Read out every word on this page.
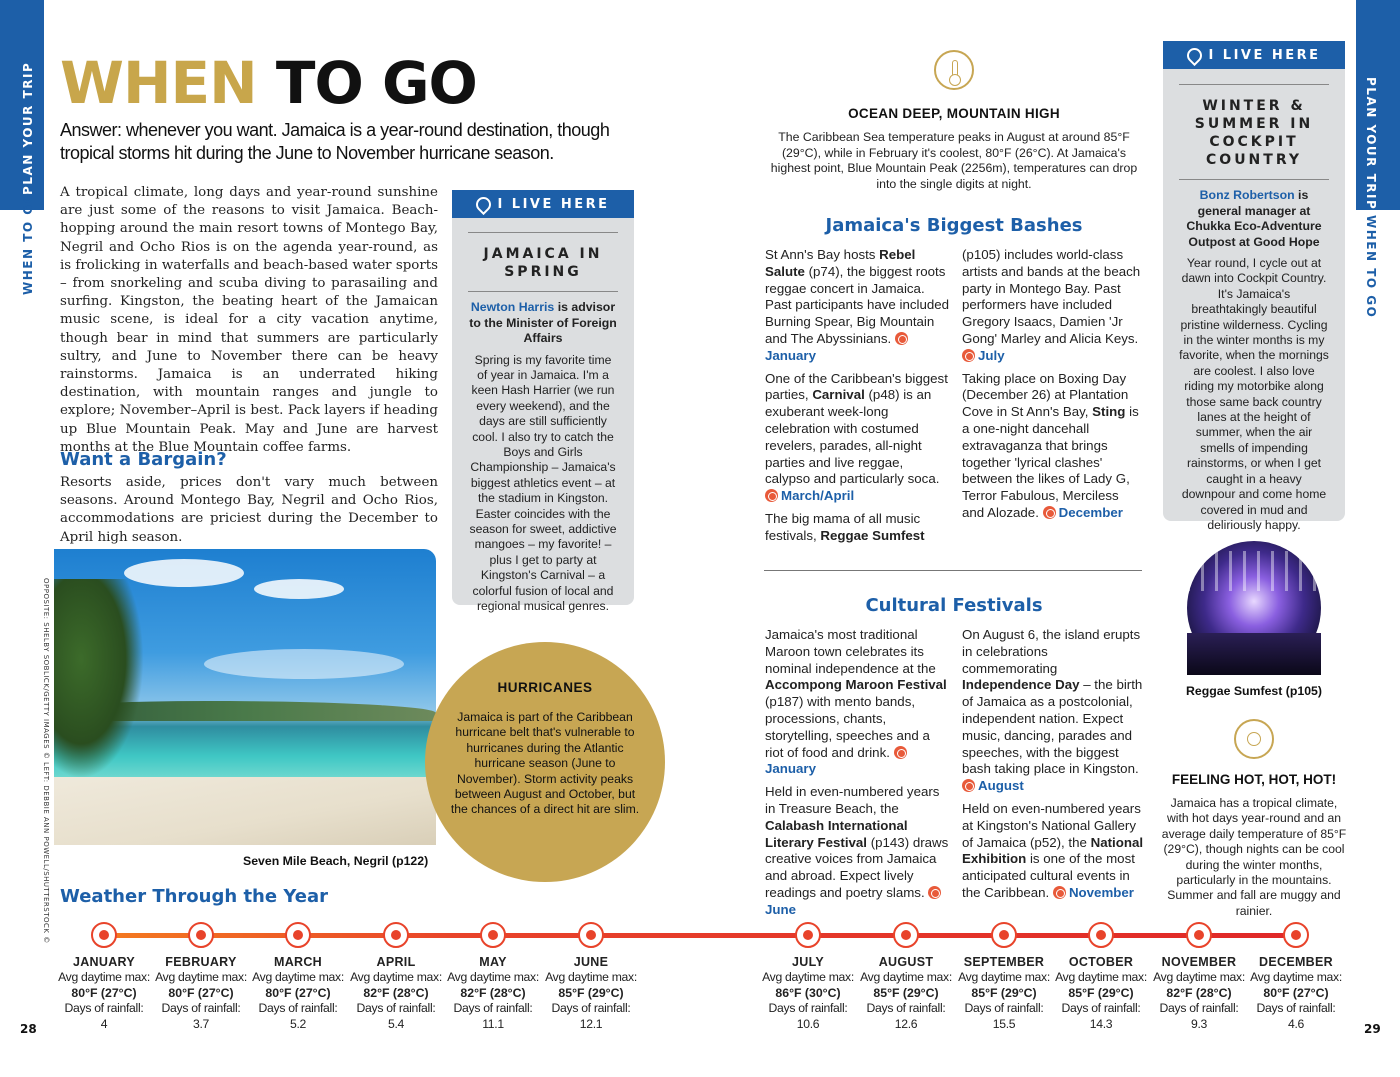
PLAN YOUR TRIP
WHEN TO GO
PLAN YOUR TRIP
WHEN TO GO
WHEN TO GO
Answer: whenever you want. Jamaica is a year-round destination, though tropical storms hit during the June to November hurricane season.
A tropical climate, long days and year-round sunshine are just some of the reasons to visit Jamaica. Beach-hopping around the main resort towns of Montego Bay, Negril and Ocho Rios is on the agenda year-round, as is frolicking in waterfalls and beach-based water sports – from snorkeling and scuba diving to parasailing and surfing. Kingston, the beating heart of the Jamaican music scene, is ideal for a city vacation anytime, though bear in mind that summers are particularly sultry, and June to November there can be heavy rainstorms. Jamaica is an underrated hiking destination, with mountain ranges and jungle to explore; November–April is best. Pack layers if heading up Blue Mountain Peak. May and June are harvest months at the Blue Mountain coffee farms.
Want a Bargain?
Resorts aside, prices don't vary much between seasons. Around Montego Bay, Negril and Ocho Rios, accommodations are priciest during the December to April high season.
I LIVE HERE
JAMAICA IN
SPRING
Newton Harris is advisor to the Minister of Foreign Affairs
Spring is my favorite time of year in Jamaica. I'm a keen Hash Harrier (we run every weekend), and the days are still sufficiently cool. I also try to catch the Boys and Girls Championship – Jamaica's biggest athletics event – at the stadium in Kingston. Easter coincides with the season for sweet, addictive mangoes – my favorite! – plus I get to party at Kingston's Carnival – a colorful fusion of local and regional musical genres.
OPPOSITE: SHELBY SOBLICK/GETTY IMAGES © LEFT: DEBBIE ANN POWELL/SHUTTERSTOCK ©	Seven Mile Beach, Negril (p122)
HURRICANES
Jamaica is part of the Caribbean hurricane belt that's vulnerable to hurricanes during the Atlantic hurricane season (June to November). Storm activity peaks between August and October, but the chances of a direct hit are slim.
OCEAN DEEP, MOUNTAIN HIGH
The Caribbean Sea temperature peaks in August at around 85°F (29°C), while in February it's coolest, 80°F (26°C). At Jamaica's highest point, Blue Mountain Peak (2256m), temperatures can drop into the single digits at night.
Jamaica's Biggest Bashes

St Ann's Bay hosts Rebel Salute (p74), the biggest roots reggae concert in Jamaica. Past participants have included Burning Spear, Big Mountain and The Abyssinians. January

One of the Caribbean's biggest parties, Carnival (p48) is an exuberant week-long celebration with costumed revelers, parades, all-night parties and live reggae, calypso and particularly soca. March/April

The big mama of all music festivals, Reggae Sumfest

(p105) includes world-class artists and bands at the beach party in Montego Bay. Past performers have included Gregory Isaacs, Damien 'Jr Gong' Marley and Alicia Keys. July

Taking place on Boxing Day (December 26) at Plantation Cove in St Ann's Bay, Sting is a one-night dancehall extravaganza that brings together 'lyrical clashes' between the likes of Lady G, Terror Fabulous, Merciless and Alozade. December

Cultural Festivals

Jamaica's most traditional Maroon town celebrates its nominal independence at the Accompong Maroon Festival (p187) with mento bands, processions, chants, storytelling, speeches and a riot of food and drink. January

Held in even-numbered years in Treasure Beach, the Calabash International Literary Festival (p143) draws creative voices from Jamaica and abroad. Expect lively readings and poetry slams. June

On August 6, the island erupts in celebrations commemorating Independence Day – the birth of Jamaica as a postcolonial, independent nation. Expect music, dancing, parades and speeches, with the biggest bash taking place in Kingston. August

Held on even-numbered years at Kingston's National Gallery of Jamaica (p52), the National Exhibition is one of the most anticipated cultural events in the Caribbean. November

I LIVE HERE
WINTER &
SUMMER IN
COCKPIT
COUNTRY
Bonz Robertson is general manager at Chukka Eco-Adventure Outpost at Good Hope
Year round, I cycle out at dawn into Cockpit Country. It's Jamaica's breathtakingly beautiful pristine wilderness. Cycling in the winter months is my favorite, when the mornings are coolest. I also love riding my motorbike along those same back country lanes at the height of summer, when the air smells of impending rainstorms, or when I get caught in a heavy downpour and come home covered in mud and deliriously happy.
Reggae Sumfest (p105)
FEELING HOT, HOT, HOT!
Jamaica has a tropical climate, with hot days year-round and an average daily temperature of 85°F (29°C), though nights can be cool during the winter months, particularly in the mountains. Summer and fall are muggy and rainier.
Weather Through the Year
JANUARY
Avg daytime max:
80°F (27°C)
Days of rainfall:
4
FEBRUARY
Avg daytime max:
80°F (27°C)
Days of rainfall:
3.7
MARCH
Avg daytime max:
80°F (27°C)
Days of rainfall:
5.2
APRIL
Avg daytime max:
82°F (28°C)
Days of rainfall:
5.4
MAY
Avg daytime max:
82°F (28°C)
Days of rainfall:
11.1
JUNE
Avg daytime max:
85°F (29°C)
Days of rainfall:
12.1
JULY
Avg daytime max:
86°F (30°C)
Days of rainfall:
10.6
AUGUST
Avg daytime max:
85°F (29°C)
Days of rainfall:
12.6
SEPTEMBER
Avg daytime max:
85°F (29°C)
Days of rainfall:
15.5
OCTOBER
Avg daytime max:
85°F (29°C)
Days of rainfall:
14.3
NOVEMBER
Avg daytime max:
82°F (28°C)
Days of rainfall:
9.3
DECEMBER
Avg daytime max:
80°F (27°C)
Days of rainfall:
4.6
28	29
